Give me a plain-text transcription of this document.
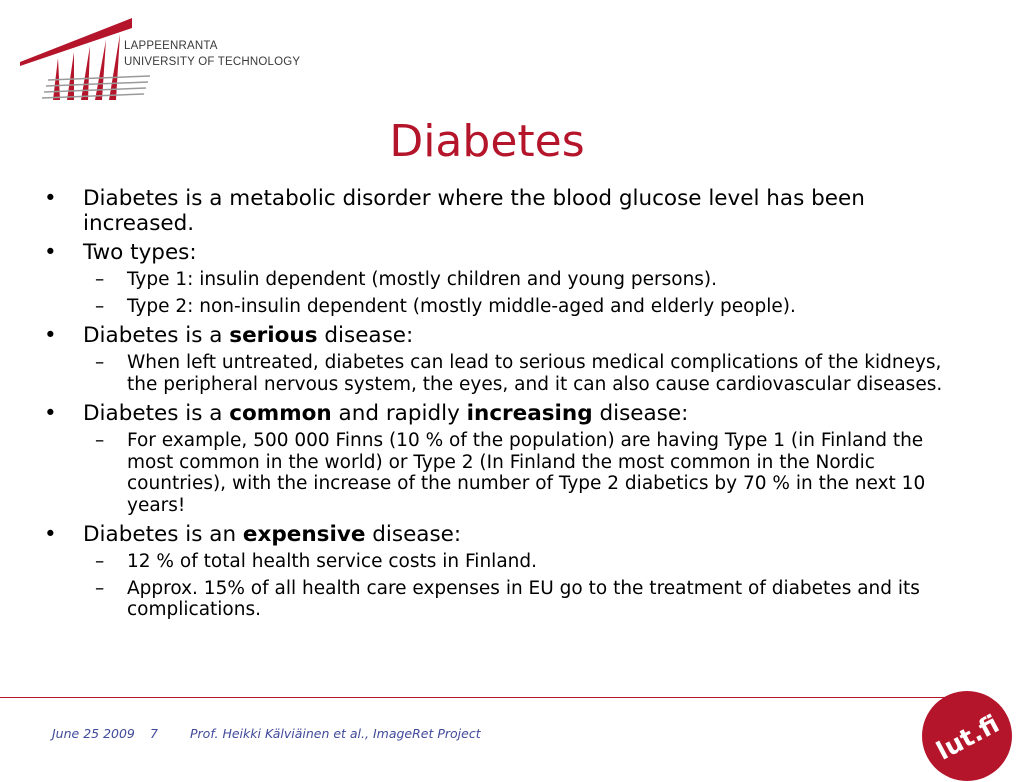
LAPPEENRANTA
UNIVERSITY OF TECHNOLOGY
Diabetes
• Diabetes is a metabolic disorder where the blood glucose level has been increased.
• Two types:
– Type 1: insulin dependent (mostly children and young persons).
– Type 2: non-insulin dependent (mostly middle-aged and elderly people).
• Diabetes is a serious disease:
– When left untreated, diabetes can lead to serious medical complications of the kidneys, the peripheral nervous system, the eyes, and it can also cause cardiovascular diseases.
• Diabetes is a common and rapidly increasing disease:
– For example, 500 000 Finns (10 % of the population) are having Type 1 (in Finland the most common in the world) or Type 2 (In Finland the most common in the Nordic countries), with the increase of the number of Type 2 diabetics by 70 % in the next 10 years!
• Diabetes is an expensive disease:
– 12 % of total health service costs in Finland.
– Approx. 15% of all health care expenses in EU go to the treatment of diabetes and its complications.
June 25 2009 7	Prof. Heikki Kälviäinen et al., ImageRet Project	lut.fi
